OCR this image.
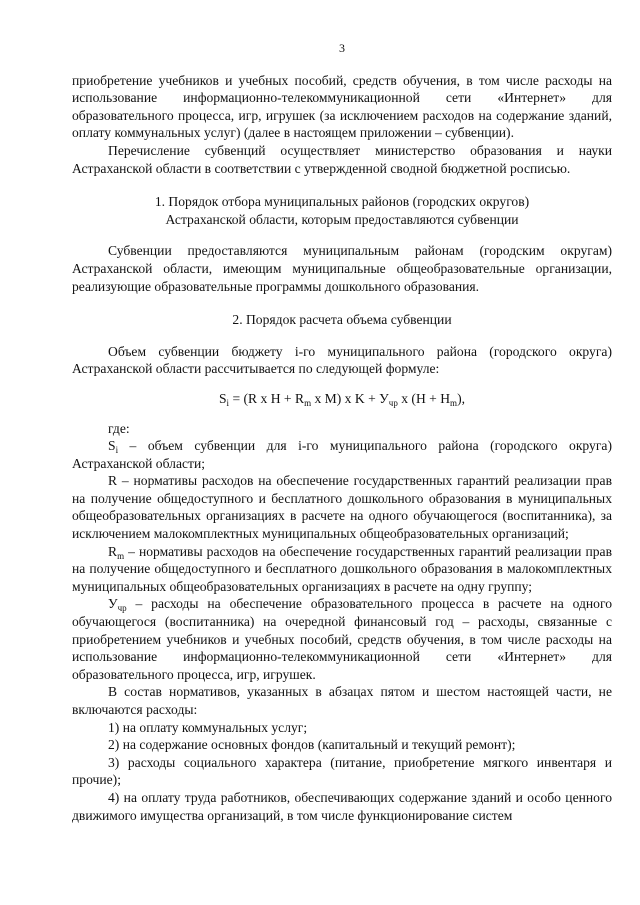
3

приобретение учебников и учебных пособий, средств обучения, в том числе расходы на использование информационно-телекоммуникационной сети «Интернет» для образовательного процесса, игр, игрушек (за исключением расходов на содержание зданий, оплату коммунальных услуг) (далее в настоящем приложении – субвенции).

Перечисление субвенций осуществляет министерство образования и науки Астраханской области в соответствии с утвержденной сводной бюджетной росписью.

1. Порядок отбора муниципальных районов (городских округов)
Астраханской области, которым предоставляются субвенции

Субвенции предоставляются муниципальным районам (городским округам) Астраханской области, имеющим муниципальные общеобразовательные организации, реализующие образовательные программы дошкольного образования.

2. Порядок расчета объема субвенции

Объем субвенции бюджету i-го муниципального района (городского округа) Астраханской области рассчитывается по следующей формуле:

$S_i = (R$ x $H + R_m$ x M) x $K + У_{чр}$ x $(H + H_m)$,

где:

$S_i$ – объем субвенции для i-го муниципального района (городского округа) Астраханской области;

R – нормативы расходов на обеспечение государственных гарантий реализации прав на получение общедоступного и бесплатного дошкольного образования в муниципальных общеобразовательных организациях в расчете на одного обучающегося (воспитанника), за исключением малокомплектных муниципальных общеобразовательных организаций;

$R_m$ – нормативы расходов на обеспечение государственных гарантий реализации прав на получение общедоступного и бесплатного дошкольного образования в малокомплектных муниципальных общеобразовательных организациях в расчете на одну группу;

$У_{чр}$ – расходы на обеспечение образовательного процесса в расчете на одного обучающегося (воспитанника) на очередной финансовый год – расходы, связанные с приобретением учебников и учебных пособий, средств обучения, в том числе расходы на использование информационно-телекоммуникационной сети «Интернет» для образовательного процесса, игр, игрушек.

В состав нормативов, указанных в абзацах пятом и шестом настоящей части, не включаются расходы:

1) на оплату коммунальных услуг;

2) на содержание основных фондов (капитальный и текущий ремонт);

3) расходы социального характера (питание, приобретение мягкого инвентаря и прочие);

4) на оплату труда работников, обеспечивающих содержание зданий и особо ценного движимого имущества организаций, в том числе функционирование систем
